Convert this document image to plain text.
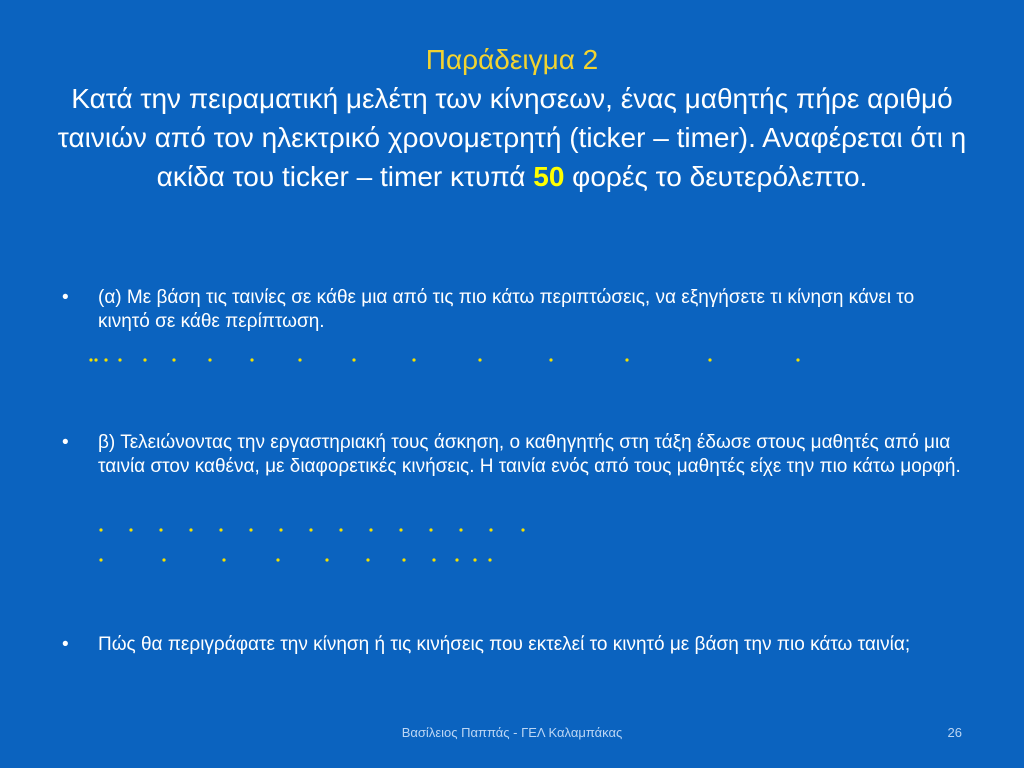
Παράδειγμα 2
Κατά την πειραματική μελέτη των κίνησεων, ένας μαθητής πήρε αριθμό ταινιών από τον ηλεκτρικό χρονομετρητή (ticker – timer). Αναφέρεται ότι η ακίδα του ticker – timer κτυπά 50 φορές το δευτερόλεπτο.
•	(α) Με βάση τις ταινίες σε κάθε μια από τις πιο κάτω περιπτώσεις, να εξηγήσετε τι κίνηση κάνει το κινητό σε κάθε περίπτωση.
•	β) Τελειώνοντας την εργαστηριακή τους άσκηση, ο καθηγητής στη τάξη έδωσε στους μαθητές από μια ταινία στον καθένα, με διαφορετικές κινήσεις. Η ταινία ενός από τους μαθητές είχε την πιο κάτω μορφή.
•	Πώς θα περιγράφατε την κίνηση ή τις κινήσεις που εκτελεί το κινητό με βάση την πιο κάτω ταινία;
Βασίλειος Παππάς - ΓΕΛ Καλαμπάκας	26
